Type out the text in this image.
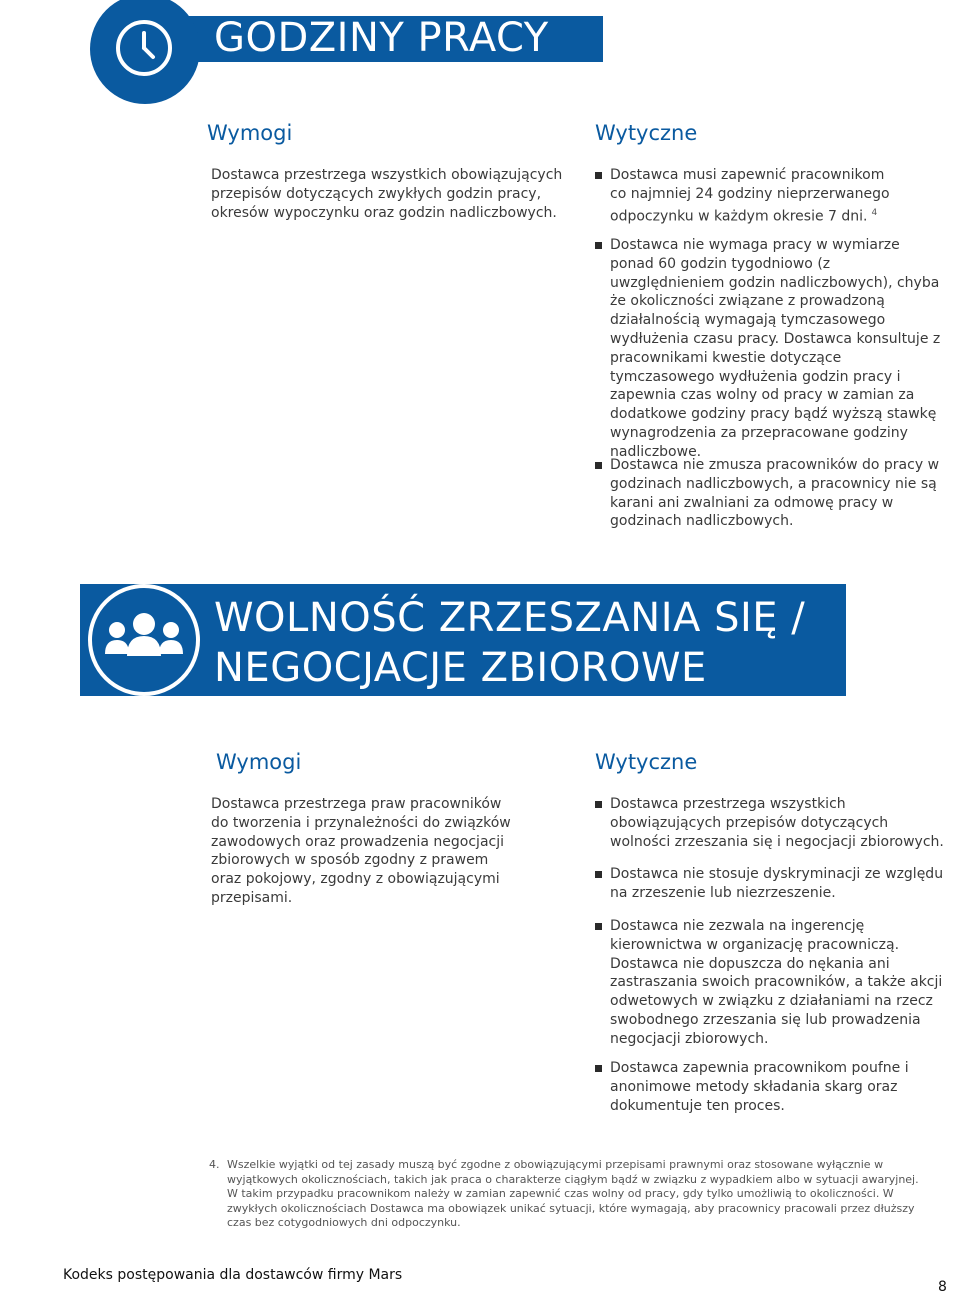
GODZINY PRACY
Wymogi	Wytyczne
Dostawca przestrzega wszystkich obowiązujących przepisów dotyczących zwykłych godzin pracy, okresów wypoczynku oraz godzin nadliczbowych.
Dostawca musi zapewnić pracownikom co najmniej 24 godziny nieprzerwanego odpoczynku w każdym okresie 7 dni. $^4$
Dostawca nie wymaga pracy w wymiarze ponad 60 godzin tygodniowo (z uwzględnieniem godzin nadliczbowych), chyba że okoliczności związane z prowadzoną działalnością wymagają tymczasowego wydłużenia czasu pracy. Dostawca konsultuje z pracownikami kwestie dotyczące tymczasowego wydłużenia godzin pracy i zapewnia czas wolny od pracy w zamian za dodatkowe godziny pracy bądź wyższą stawkę wynagrodzenia za przepracowane godziny nadliczbowe.
Dostawca nie zmusza pracowników do pracy w godzinach nadliczbowych, a pracownicy nie są karani ani zwalniani za odmowę pracy w godzinach nadliczbowych.
WOLNOŚĆ ZRZESZANIA SIĘ /
NEGOCJACJE ZBIOROWE
Wymogi	Wytyczne
Dostawca przestrzega praw pracowników do tworzenia i przynależności do związków zawodowych oraz prowadzenia negocjacji zbiorowych w sposób zgodny z prawem oraz pokojowy, zgodny z obowiązującymi przepisami.
Dostawca przestrzega wszystkich obowiązujących przepisów dotyczących wolności zrzeszania się i negocjacji zbiorowych.
Dostawca nie stosuje dyskryminacji ze względu na zrzeszenie lub niezrzeszenie.
Dostawca nie zezwala na ingerencję kierownictwa w organizację pracowniczą. Dostawca nie dopuszcza do nękania ani zastraszania swoich pracowników, a także akcji odwetowych w związku z działaniami na rzecz swobodnego zrzeszania się lub prowadzenia negocjacji zbiorowych.
Dostawca zapewnia pracownikom poufne i anonimowe metody składania skarg oraz dokumentuje ten proces.
4. Wszelkie wyjątki od tej zasady muszą być zgodne z obowiązującymi przepisami prawnymi oraz stosowane wyłącznie w wyjątkowych okolicznościach, takich jak praca o charakterze ciągłym bądź w związku z wypadkiem albo w sytuacji awaryjnej. W takim przypadku pracownikom należy w zamian zapewnić czas wolny od pracy, gdy tylko umożliwią to okoliczności. W zwykłych okolicznościach Dostawca ma obowiązek unikać sytuacji, które wymagają, aby pracownicy pracowali przez dłuższy czas bez cotygodniowych dni odpoczynku.
Kodeks postępowania dla dostawców firmy Mars
8
